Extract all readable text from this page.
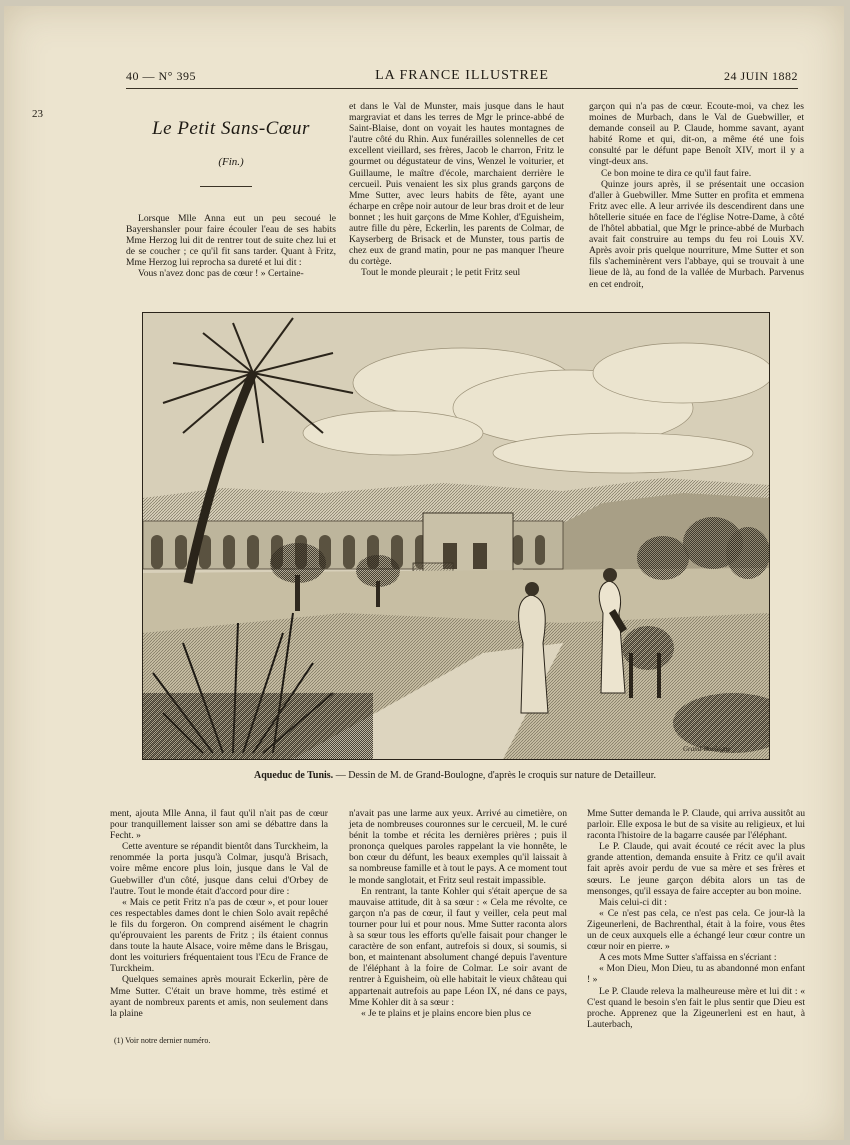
40 — N° 395	LA FRANCE ILLUSTREE	24 JUIN 1882
23
Le Petit Sans-Cœur
(Fin.)

Lorsque Mlle Anna eut un peu secoué le Bayershansler pour faire écouler l'eau de ses habits Mme Herzog lui dit de rentrer tout de suite chez lui et de se coucher ; ce qu'il fit sans tarder. Quant à Fritz, Mme Herzog lui reprocha sa dureté et lui dit :

Vous n'avez donc pas de cœur ! » Certaine-

et dans le Val de Munster, mais jusque dans le haut margraviat et dans les terres de Mgr le prince-abbé de Saint-Blaise, dont on voyait les hautes montagnes de l'autre côté du Rhin. Aux funérailles solennelles de cet excellent vieillard, ses frères, Jacob le charron, Fritz le gourmet ou dégustateur de vins, Wenzel le voiturier, et Guillaume, le maître d'école, marchaient derrière le cercueil. Puis venaient les six plus grands garçons de Mme Sutter, avec leurs habits de fête, ayant une écharpe en crêpe noir autour de leur bras droit et de leur bonnet ; les huit garçons de Mme Kohler, d'Eguisheim, autre fille du père, Eckerlin, les parents de Colmar, de Kayserberg de Brisack et de Munster, tous partis de chez eux de grand matin, pour ne pas manquer l'heure du cortège.

Tout le monde pleurait ; le petit Fritz seul

garçon qui n'a pas de cœur. Ecoute-moi, va chez les moines de Murbach, dans le Val de Guebwiller, et demande conseil au P. Claude, homme savant, ayant habité Rome et qui, dit-on, a même été une fois consulté par le défunt pape Benoît XIV, mort il y a vingt-deux ans.

Ce bon moine te dira ce qu'il faut faire.

Quinze jours après, il se présentait une occasion d'aller à Guebwiller. Mme Sutter en profita et emmena Fritz avec elle. A leur arrivée ils descendirent dans une hôtellerie située en face de l'église Notre-Dame, à côté de l'hôtel abbatial, que Mgr le prince-abbé de Murbach avait fait construire au temps du feu roi Louis XV. Après avoir pris quelque nourriture, Mme Sutter et son fils s'acheminèrent vers l'abbaye, qui se trouvait à une lieue de là, au fond de la vallée de Murbach. Parvenus en cet endroit,

Grand-Boulogne
Aqueduc de Tunis. — Dessin de M. de Grand-Boulogne, d'après le croquis sur nature de Detailleur.

ment, ajouta Mlle Anna, il faut qu'il n'ait pas de cœur pour tranquillement laisser son ami se débattre dans la Fecht. »

Cette aventure se répandit bientôt dans Turckheim, la renommée la porta jusqu'à Colmar, jusqu'à Brisach, voire même encore plus loin, jusque dans le Val de Guebwiller d'un côté, jusque dans celui d'Orbey de l'autre. Tout le monde était d'accord pour dire :

« Mais ce petit Fritz n'a pas de cœur », et pour louer ces respectables dames dont le chien Solo avait repêché le fils du forgeron. On comprend aisément le chagrin qu'éprouvaient les parents de Fritz ; ils étaient connus dans toute la haute Alsace, voire même dans le Brisgau, dont les voituriers fréquentaient tous l'Ecu de France de Turckheim.

Quelques semaines après mourait Eckerlin, père de Mme Sutter. C'était un brave homme, très estimé et ayant de nombreux parents et amis, non seulement dans la plaine

(1) Voir notre dernier numéro.

n'avait pas une larme aux yeux. Arrivé au cimetière, on jeta de nombreuses couronnes sur le cercueil, M. le curé bénit la tombe et récita les dernières prières ; puis il prononça quelques paroles rappelant la vie honnête, le bon cœur du défunt, les beaux exemples qu'il laissait à sa nombreuse famille et à tout le pays. A ce moment tout le monde sanglotait, et Fritz seul restait impassible.

En rentrant, la tante Kohler qui s'était aperçue de sa mauvaise attitude, dit à sa sœur : « Cela me révolte, ce garçon n'a pas de cœur, il faut y veiller, cela peut mal tourner pour lui et pour nous. Mme Sutter raconta alors à sa sœur tous les efforts qu'elle faisait pour changer le caractère de son enfant, autrefois si doux, si soumis, si bon, et maintenant absolument changé depuis l'aventure de l'éléphant à la foire de Colmar. Le soir avant de rentrer à Eguisheim, où elle habitait le vieux château qui appartenait autrefois au pape Léon IX, né dans ce pays, Mme Kohler dit à sa sœur :

« Je te plains et je plains encore bien plus ce

Mme Sutter demanda le P. Claude, qui arriva aussitôt au parloir. Elle exposa le but de sa visite au religieux, et lui raconta l'histoire de la bagarre causée par l'éléphant.

Le P. Claude, qui avait écouté ce récit avec la plus grande attention, demanda ensuite à Fritz ce qu'il avait fait après avoir perdu de vue sa mère et ses frères et sœurs. Le jeune garçon débita alors un tas de mensonges, qu'il essaya de faire accepter au bon moine.

Mais celui-ci dit :

« Ce n'est pas cela, ce n'est pas cela. Ce jour-là la Zigeunerleni, de Bachrenthal, était à la foire, vous êtes un de ceux auxquels elle a échangé leur cœur contre un cœur noir en pierre. »

A ces mots Mme Sutter s'affaissa en s'écriant :

« Mon Dieu, Mon Dieu, tu as abandonné mon enfant ! »

Le P. Claude releva la malheureuse mère et lui dit : « C'est quand le besoin s'en fait le plus sentir que Dieu est proche. Apprenez que la Zigeunerleni est en haut, à Lauterbach,
